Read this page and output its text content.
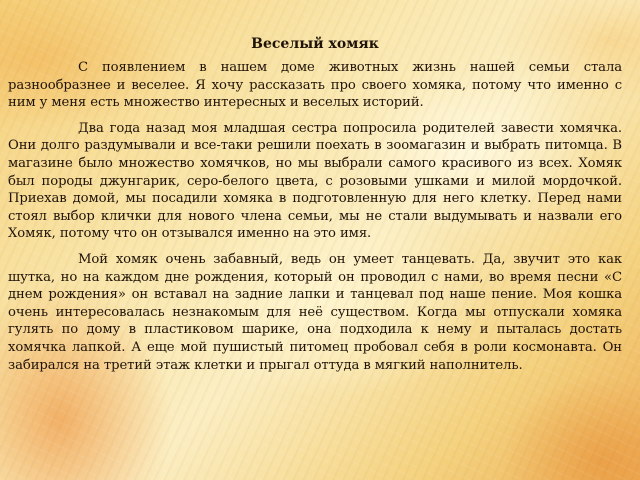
Веселый хомяк

С появлением в нашем доме животных жизнь нашей семьи стала разнообразнее и веселее. Я хочу рассказать про своего хомяка, потому что именно с ним у меня есть множество интересных и веселых историй.

Два года назад моя младшая сестра попросила родителей завести хомячка. Они долго раздумывали и все-таки решили поехать в зоомагазин и выбрать питомца. В магазине было множество хомячков, но мы выбрали самого красивого из всех. Хомяк был породы джунгарик, серо-белого цвета, с розовыми ушками и милой мордочкой. Приехав домой, мы посадили хомяка в подготовленную для него клетку. Перед нами стоял выбор клички для нового члена семьи, мы не стали выдумывать и назвали его Хомяк, потому что он отзывался именно на это имя.

Мой хомяк очень забавный, ведь он умеет танцевать. Да, звучит это как шутка, но на каждом дне рождения, который он проводил с нами, во время песни «С днем рождения» он вставал на задние лапки и танцевал под наше пение. Моя кошка очень интересовалась незнакомым для неё существом. Когда мы отпускали хомяка гулять по дому в пластиковом шарике, она подходила к нему и пыталась достать хомячка лапкой. А еще мой пушистый питомец пробовал себя в роли космонавта. Он забирался на третий этаж клетки и прыгал оттуда в мягкий наполнитель.
